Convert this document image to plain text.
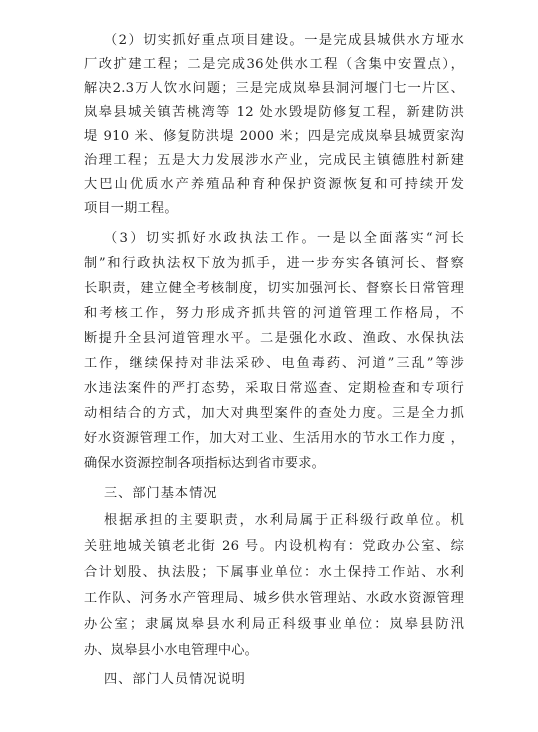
（2）切实抓好重点项目建设。一是完成县城供水方垭水
厂改扩建工程；二是完成36处供水工程（含集中安置点），
解决2.3万人饮水问题；三是完成岚皋县洞河堰门七一片区、
岚皋县城关镇苦桃湾等 12 处水毁堤防修复工程，新建防洪
堤 910 米、修复防洪堤 2000 米；四是完成岚皋县城贾家沟
治理工程；五是大力发展涉水产业，完成民主镇德胜村新建
大巴山优质水产养殖品种育种保护资源恢复和可持续开发
项目一期工程。
（3）切实抓好水政执法工作。一是以全面落实“河长
制”和行政执法权下放为抓手，进一步夯实各镇河长、督察
长职责，建立健全考核制度，切实加强河长、督察长日常管理
和考核工作，努力形成齐抓共管的河道管理工作格局，不
断提升全县河道管理水平。二是强化水政、渔政、水保执法
工作，继续保持对非法采砂、电鱼毒药、河道”三乱”等涉
水违法案件的严打态势，采取日常巡查、定期检查和专项行
动相结合的方式，加大对典型案件的查处力度。三是全力抓
好水资源管理工作，加大对工业、生活用水的节水工作力度 ，
确保水资源控制各项指标达到省市要求。
三、部门基本情况
根据承担的主要职责，水利局属于正科级行政单位。机
关驻地城关镇老北街 26 号。内设机构有：党政办公室、综
合计划股、执法股；下属事业单位：水土保持工作站、水利
工作队、河务水产管理局、城乡供水管理站、水政水资源管理
办公室；隶属岚皋县水利局正科级事业单位：岚皋县防汛
办、岚皋县小水电管理中心。
四、部门人员情况说明
